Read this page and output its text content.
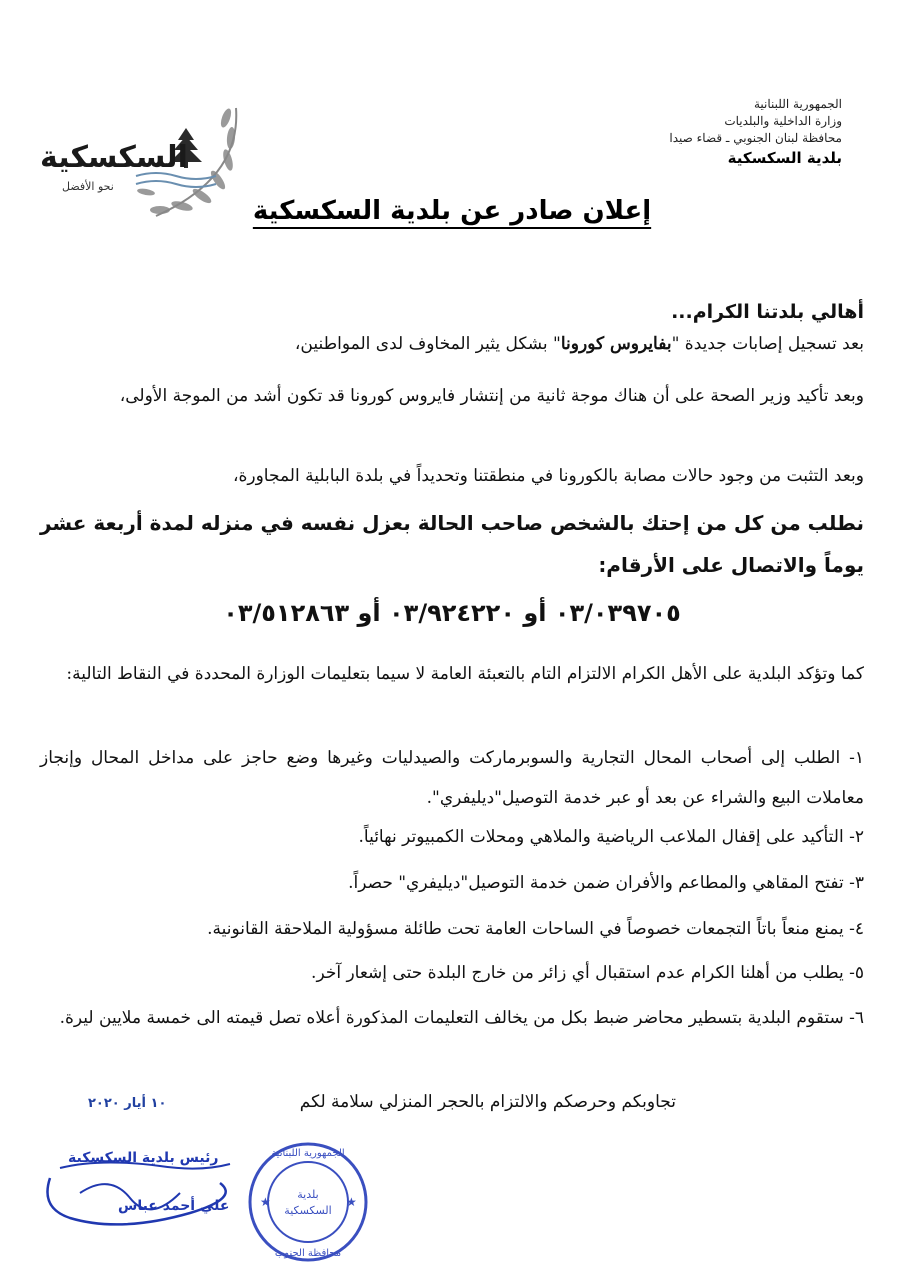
الجمهورية اللبنانية
وزارة الداخلية والبلديات
محافظة لبنان الجنوبي ـ قضاء صيدا
بلدية السكسكية
السكسكية
نحو الأفضل
إعلان صادر عن بلدية السكسكية

أهالي بلدتنا الكرام...

بعد تسجيل إصابات جديدة "بفايروس كورونا" بشكل يثير المخاوف لدى المواطنين،

وبعد تأكيد وزير الصحة على أن هناك موجة ثانية من إنتشار فايروس كورونا قد تكون أشد من الموجة الأولى،

وبعد التثبت من وجود حالات مصابة بالكورونا في منطقتنا وتحديداً في بلدة البابلية المجاورة،

نطلب من كل من إحتك بالشخص صاحب الحالة بعزل نفسه في منزله لمدة أربعة عشر يوماً والاتصال على الأرقام:

٠٣/٠٣٩٧٠٥ أو ٠٣/٩٢٤٢٢٠ أو ٠٣/٥١٢٨٦٣

كما وتؤكد البلدية على الأهل الكرام الالتزام التام بالتعبئة العامة لا سيما بتعليمات الوزارة المحددة في النقاط التالية:

١- الطلب إلى أصحاب المحال التجارية والسوبرماركت والصيدليات وغيرها وضع حاجز على مداخل المحال وإنجاز معاملات البيع والشراء عن بعد أو عبر خدمة التوصيل"ديليفري".

٢- التأكيد على إقفال الملاعب الرياضية والملاهي ومحلات الكمبيوتر نهائياً.

٣- تفتح المقاهي والمطاعم والأفران ضمن خدمة التوصيل"ديليفري" حصراً.

٤- يمنع منعاً باتاً التجمعات خصوصاً في الساحات العامة تحت طائلة مسؤولية الملاحقة القانونية.

٥- يطلب من أهلنا الكرام عدم استقبال أي زائر من خارج البلدة حتى إشعار آخر.

٦- ستقوم البلدية بتسطير محاضر ضبط بكل من يخالف التعليمات المذكورة أعلاه تصل قيمته الى خمسة ملايين ليرة.

تجاوبكم وحرصكم والالتزام بالحجر المنزلي سلامة لكم
١٠ أيار ٢٠٢٠
رئيس بلدية السكسكية
علي أحمد عباس
بلدية
السكسكية
الجمهورية اللبنانية
محافظة الجنوب
★	★
